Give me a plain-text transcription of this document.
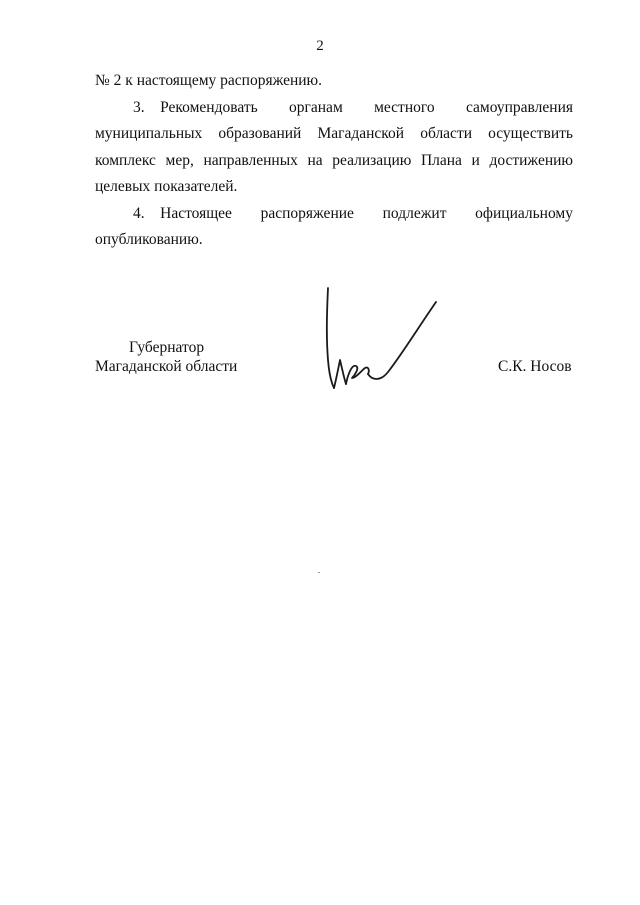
2

№ 2 к настоящему распоряжению.

3. Рекомендовать органам местного самоуправления муниципальных образований Магаданской области осуществить комплекс мер, направленных на реализацию Плана и достижению целевых показателей.

4. Настоящее распоряжение подлежит официальному опубликованию.

Губернатор
Магаданской области	С.К. Носов
